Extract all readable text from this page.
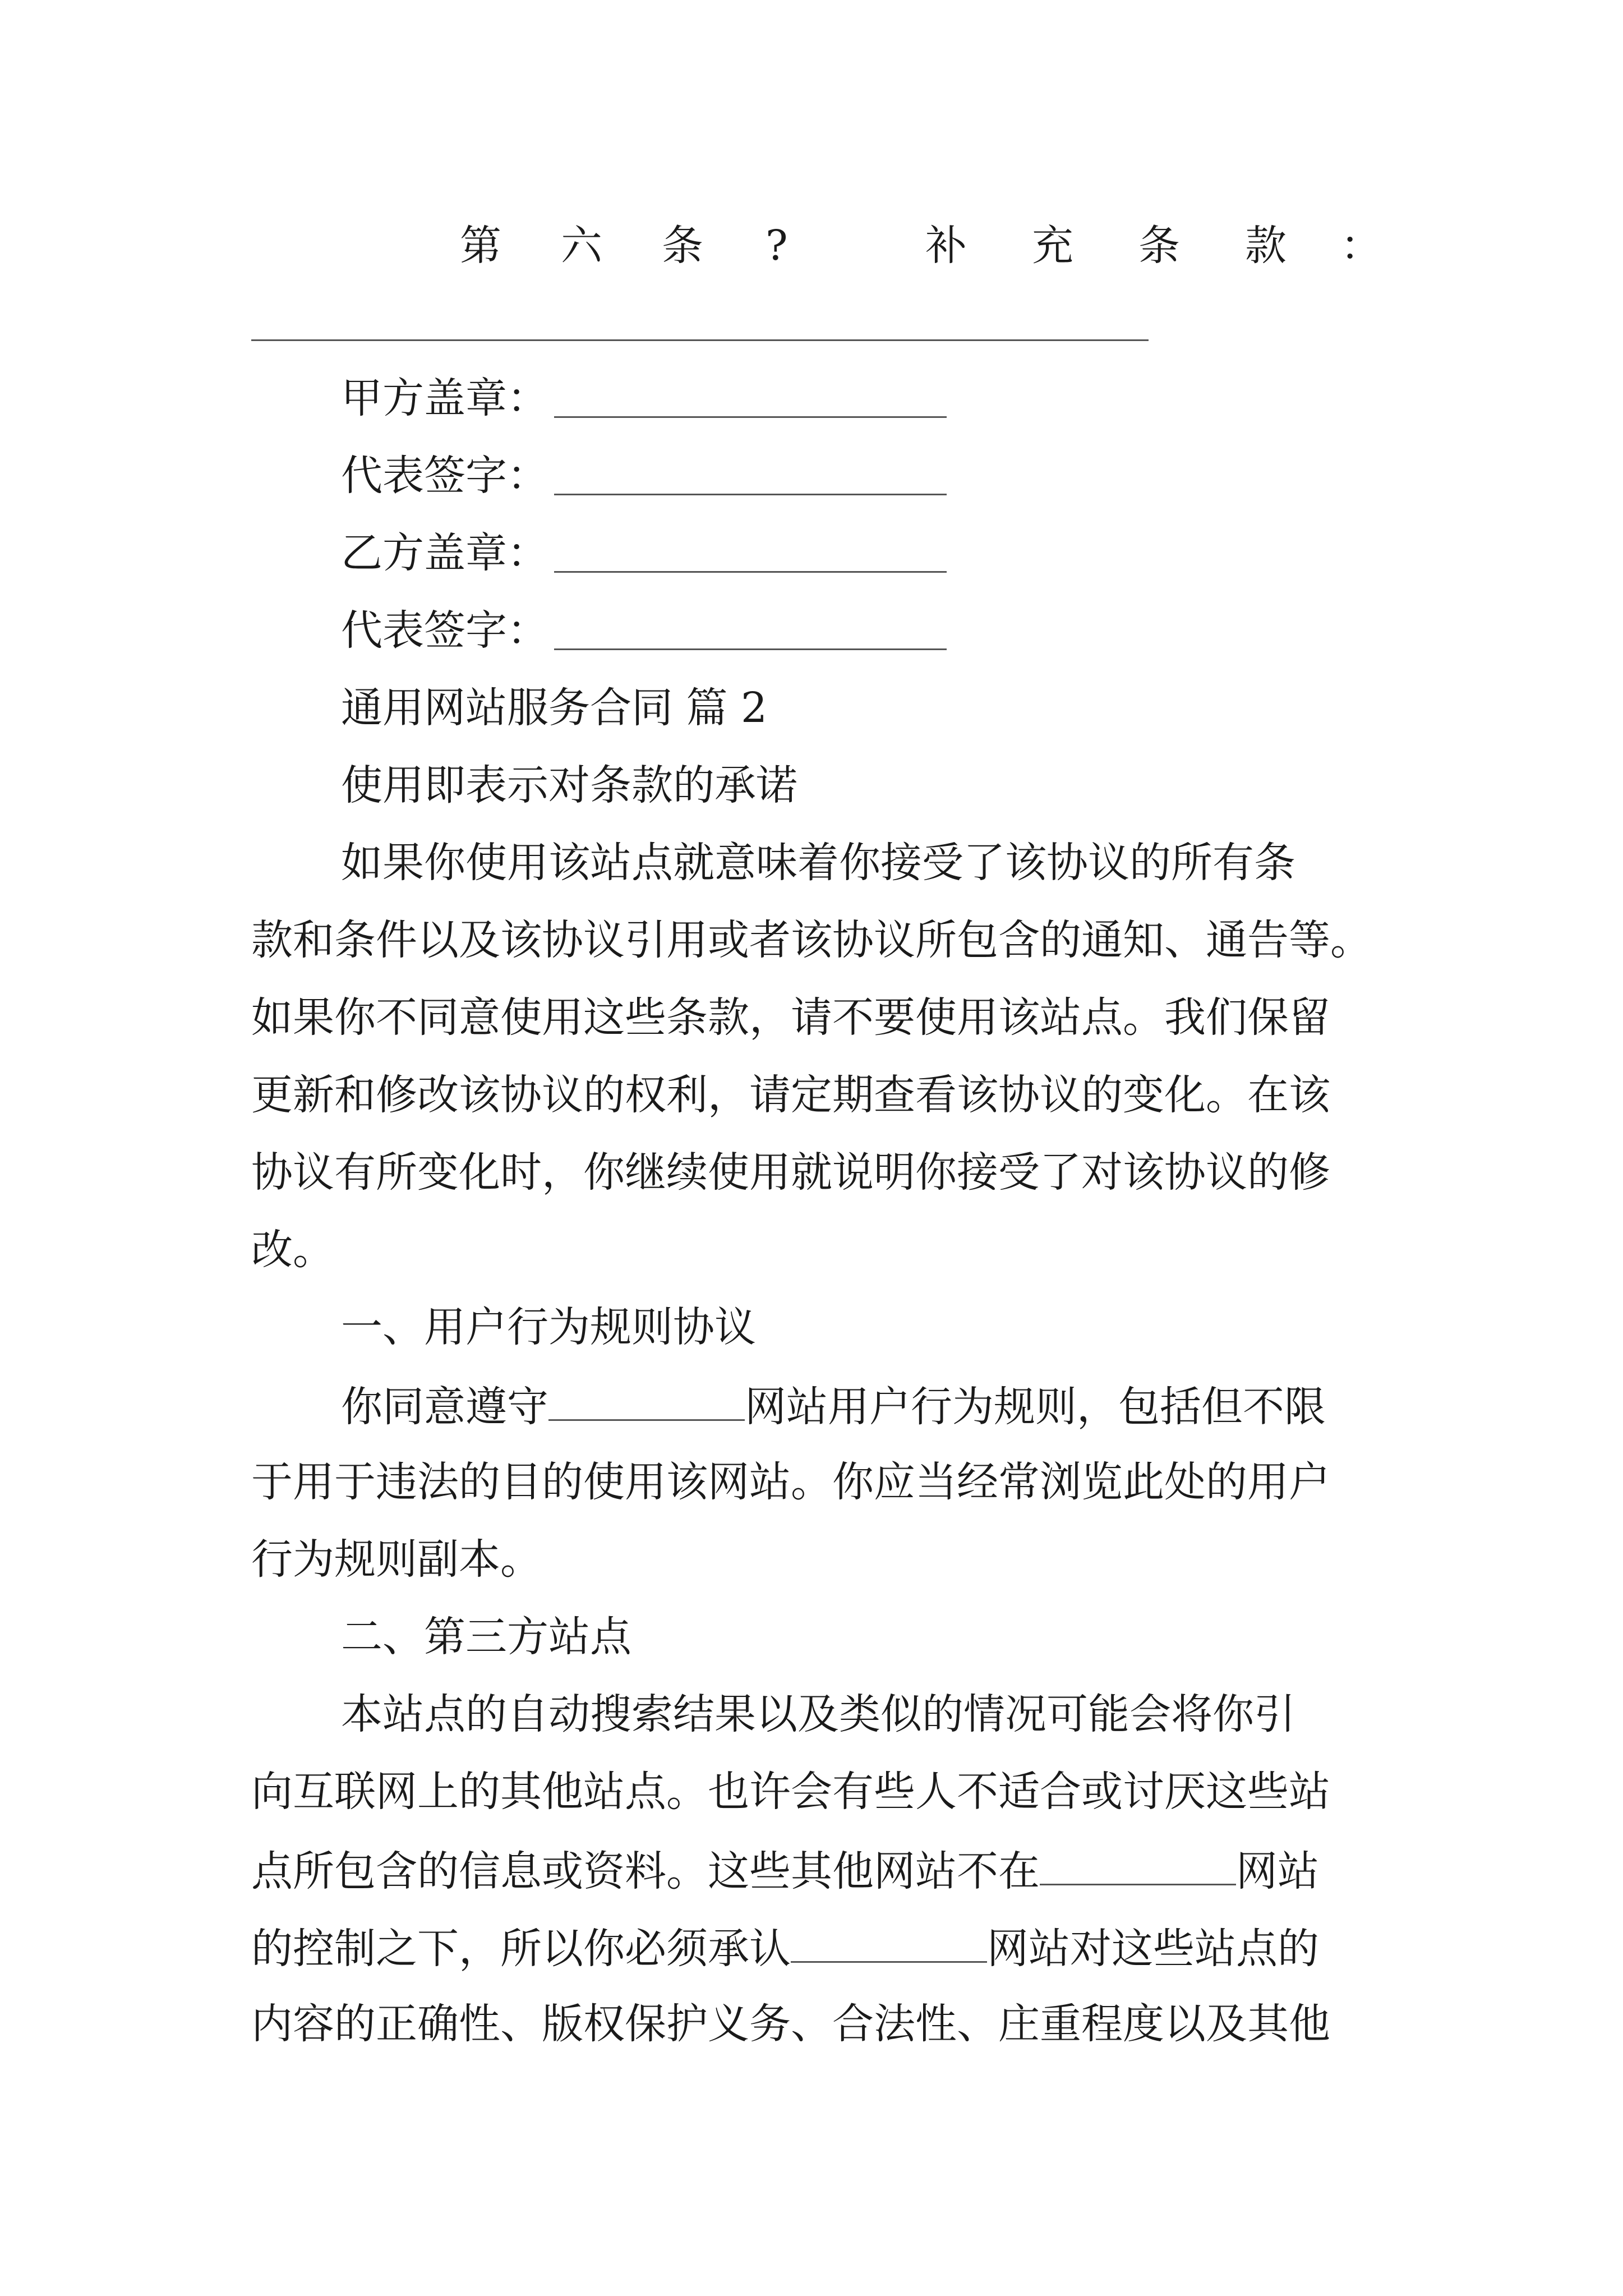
第 六 条 ?	补 充 条 款 ：
甲方盖章：
代表签字：
乙方盖章：
代表签字：
通用网站服务合同 篇 2
使用即表示对条款的承诺
如果你使用该站点就意味着你接受了该协议的所有条
款和条件以及该协议引用或者该协议所包含的通知、通告等。
如果你不同意使用这些条款，请不要使用该站点。我们保留
更新和修改该协议的权利，请定期查看该协议的变化。在该
协议有所变化时，你继续使用就说明你接受了对该协议的修
改。
一、用户行为规则协议
你同意遵守	网站用户行为规则，包括但不限
于用于违法的目的使用该网站。你应当经常浏览此处的用户
行为规则副本。
二、第三方站点
本站点的自动搜索结果以及类似的情况可能会将你引
向互联网上的其他站点。也许会有些人不适合或讨厌这些站
点所包含的信息或资料。这些其他网站不在	网站
的控制之下，所以你必须承认	网站对这些站点的
内容的正确性、版权保护义务、合法性、庄重程度以及其他
